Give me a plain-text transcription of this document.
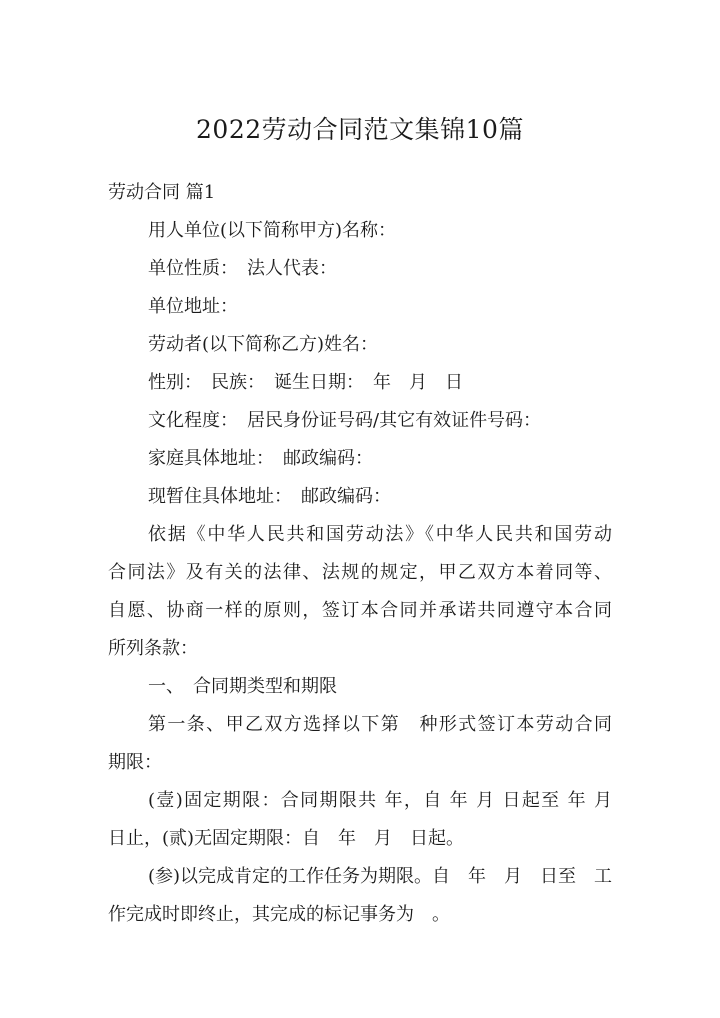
2022劳动合同范文集锦10篇
劳动合同 篇1
用人单位(以下简称甲方)名称：
单位性质：　法人代表：
单位地址：
劳动者(以下简称乙方)姓名：
性别：　民族：　诞生日期：　年　月　日
文化程度：　居民身份证号码/其它有效证件号码：
家庭具体地址：　邮政编码：
现暂住具体地址：　邮政编码：
依据《中华人民共和国劳动法》《中华人民共和国劳动
合同法》及有关的法律、法规的规定，甲乙双方本着同等、
自愿、协商一样的原则，签订本合同并承诺共同遵守本合同
所列条款：
一、　合同期类型和期限
第一条、甲乙双方选择以下第　种形式签订本劳动合同
期限：
(壹)固定期限：合同期限共 年，自 年 月 日起至 年 月
日止，(贰)无固定期限：自　年　月　日起。
(参)以完成肯定的工作任务为期限。自　年　月　日至　工
作完成时即终止，其完成的标记事务为　。
